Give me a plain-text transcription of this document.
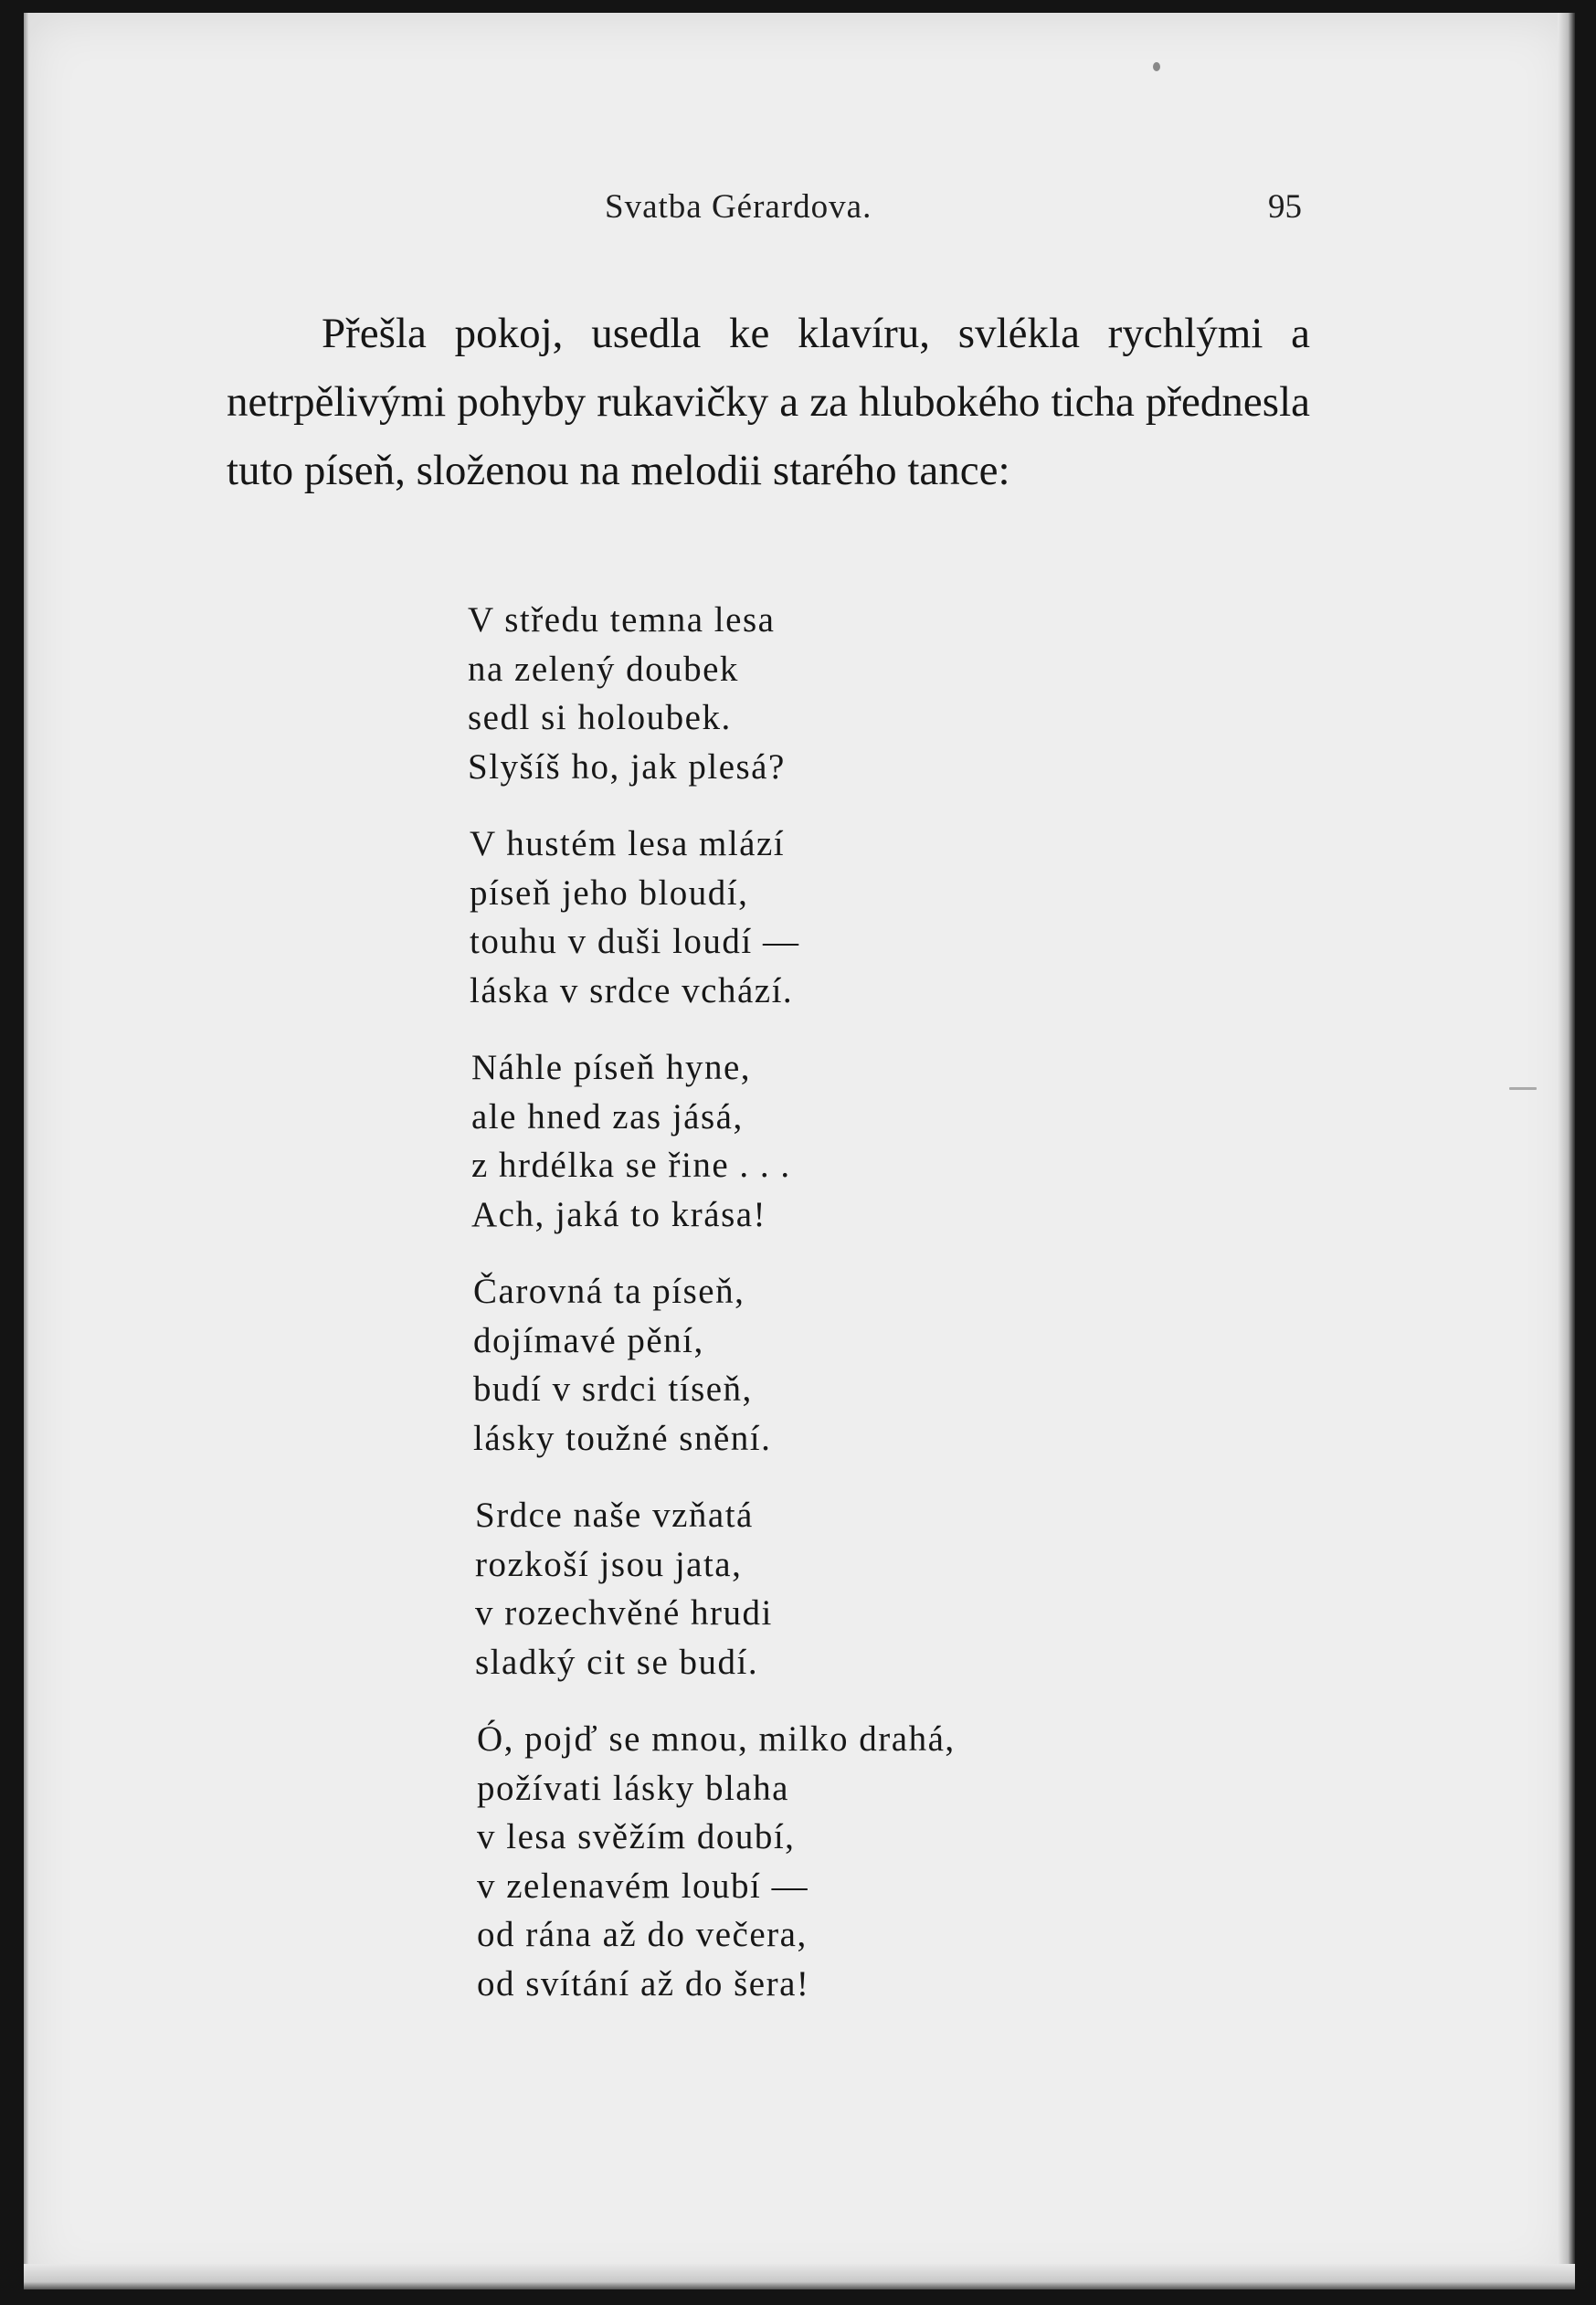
Svatba Gérardova.	95
Přešla pokoj, usedla ke klavíru, svlékla rychlými a netrpělivými pohyby rukavičky a za hlubokého ticha přednesla tuto píseň, složenou na melodii starého tance:
V středu temna lesa
na zelený doubek
sedl si holoubek.
Slyšíš ho, jak plesá?
V hustém lesa mlází
píseň jeho bloudí,
touhu v duši loudí —
láska v srdce vchází.
Náhle píseň hyne,
ale hned zas jásá,
z hrdélka se řine . . .
Ach, jaká to krása!
Čarovná ta píseň,
dojímavé pění,
budí v srdci tíseň,
lásky toužné snění.
Srdce naše vzňatá
rozkoší jsou jata,
v rozechvěné hrudi
sladký cit se budí.
Ó, pojď se mnou, milko drahá,
požívati lásky blaha
v lesa svěžím doubí,
v zelenavém loubí —
od rána až do večera,
od svítání až do šera!
